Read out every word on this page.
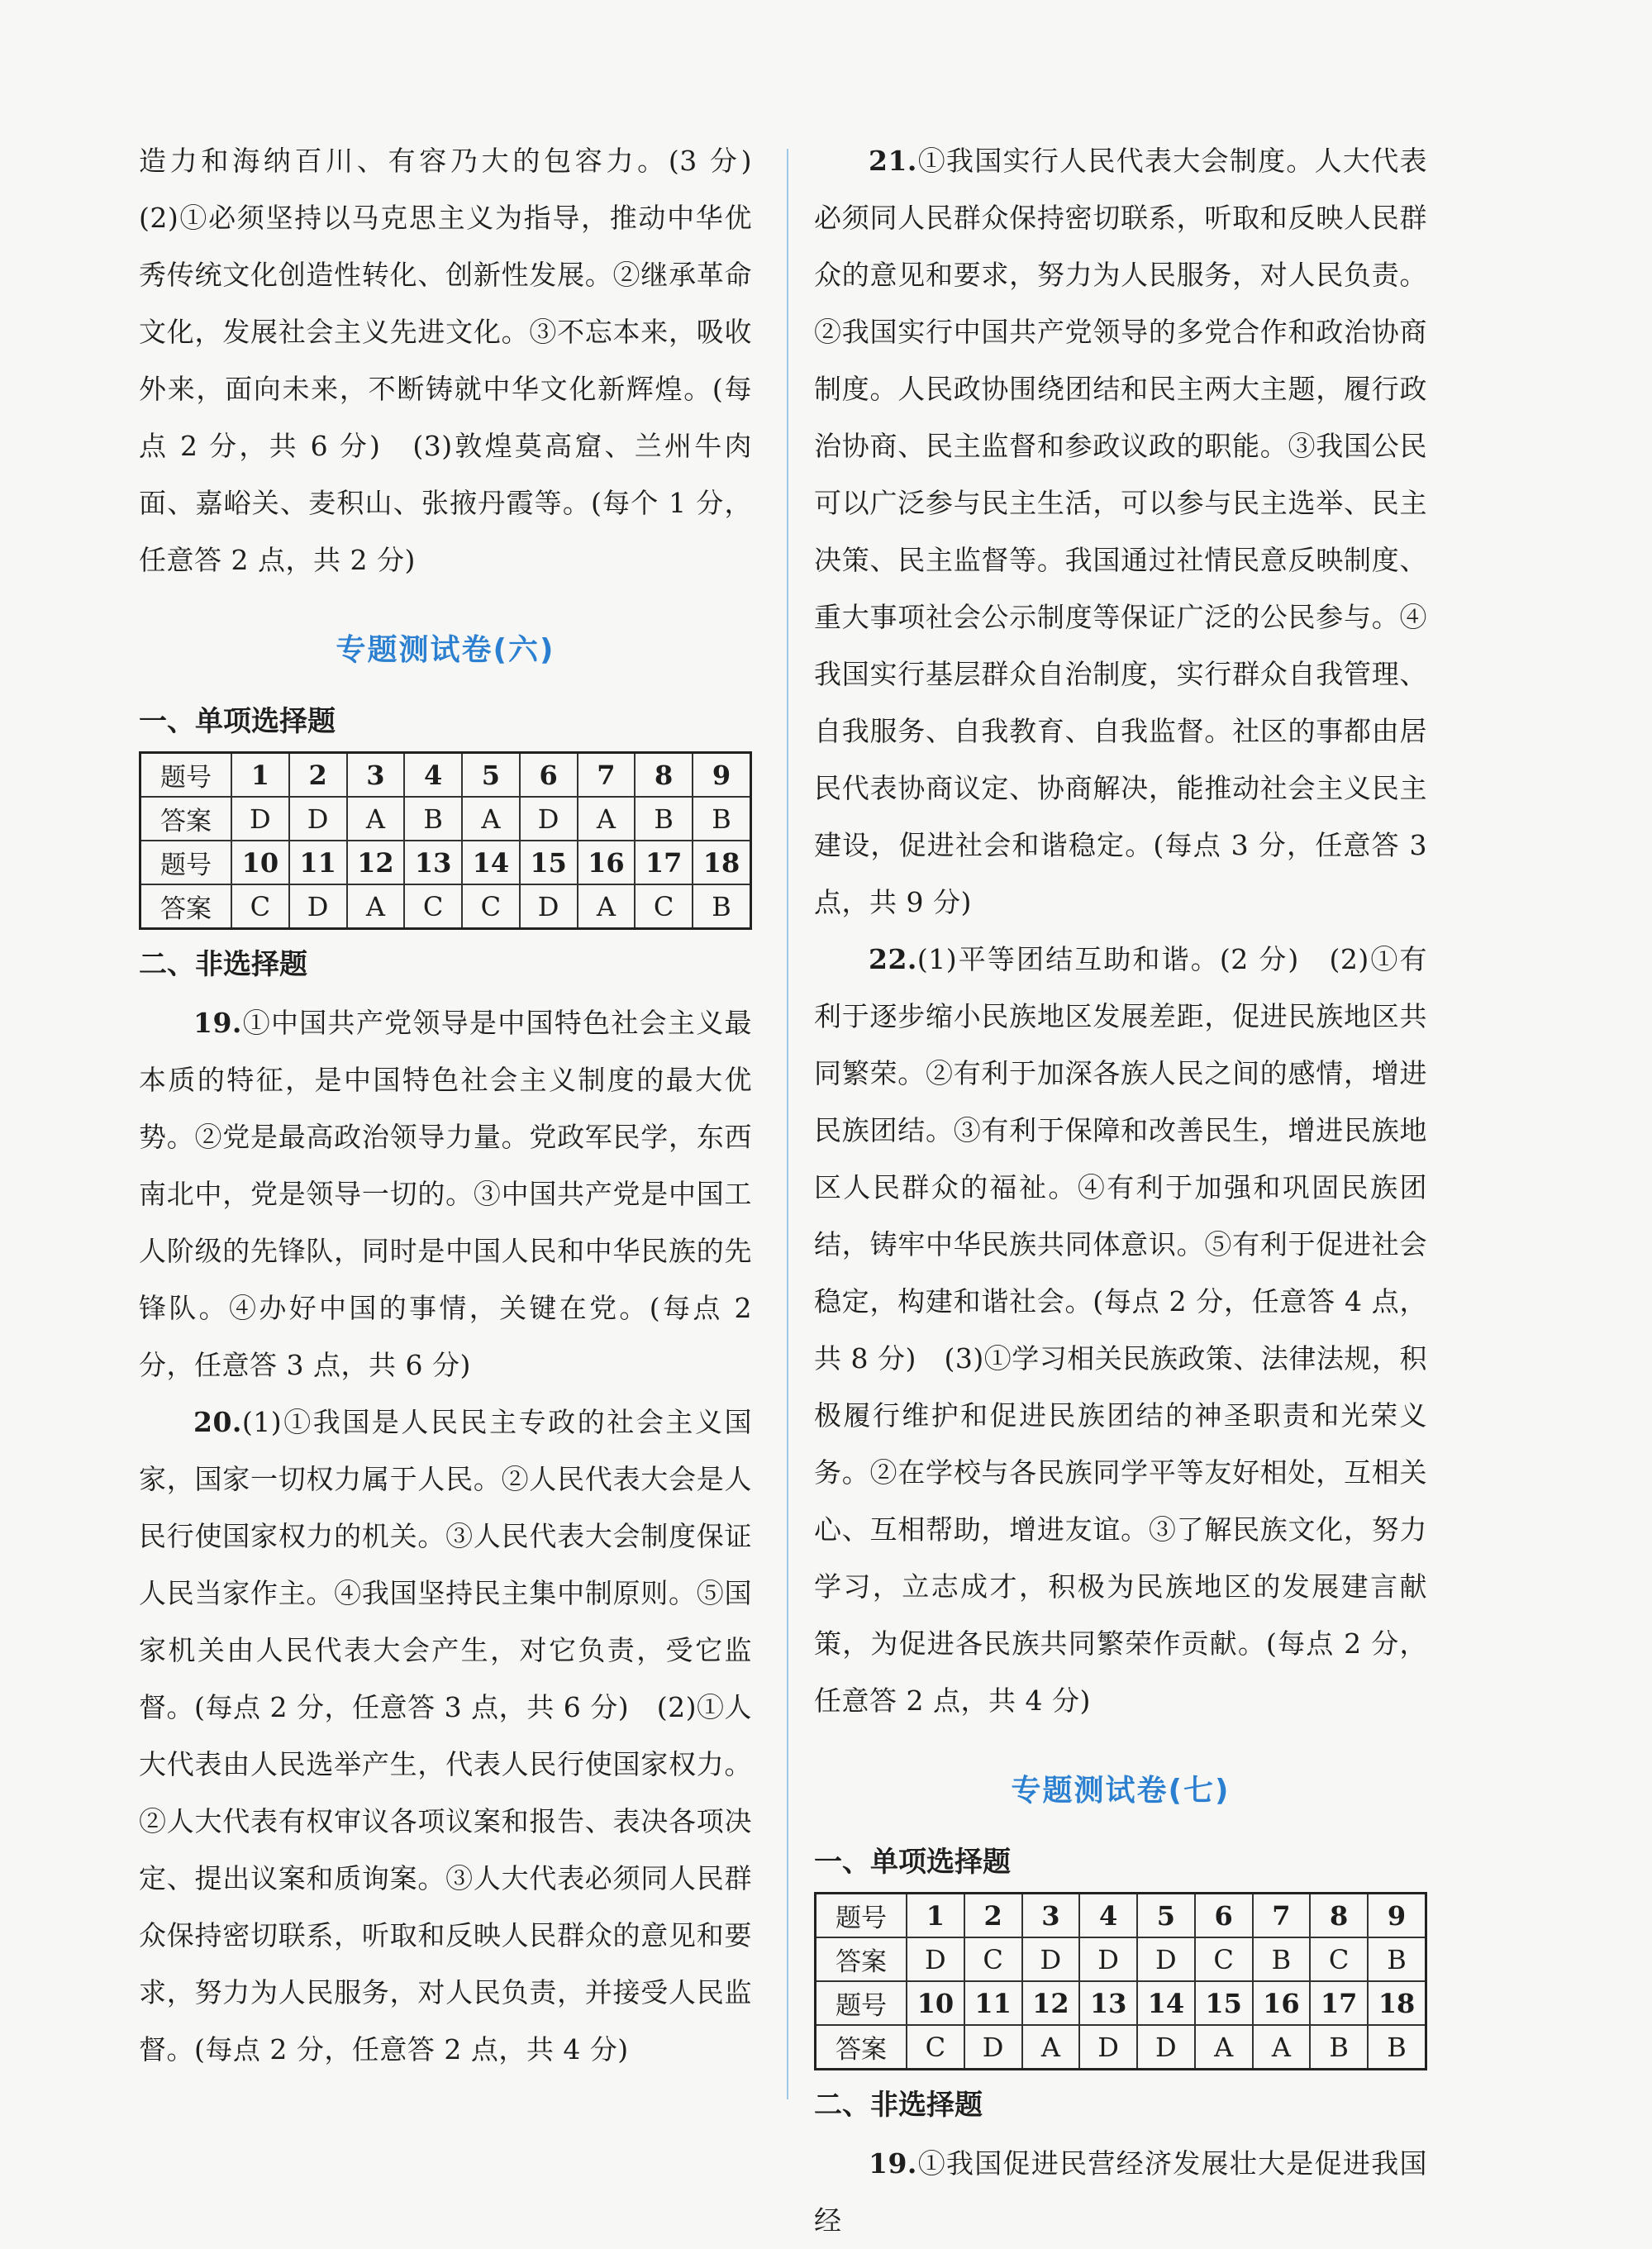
造力和海纳百川、有容乃大的包容力。(3 分)　(2)①必须坚持以马克思主义为指导，推动中华优秀传统文化创造性转化、创新性发展。②继承革命文化，发展社会主义先进文化。③不忘本来，吸收外来，面向未来，不断铸就中华文化新辉煌。(每点 2 分，共 6 分)　(3)敦煌莫高窟、兰州牛肉面、嘉峪关、麦积山、张掖丹霞等。(每个 1 分，任意答 2 点，共 2 分)

专题测试卷(六)
一、单项选择题
题号	1	2	3	4	5	6	7	8	9
答案	D	D	A	B	A	D	A	B	B
题号	10	11	12	13	14	15	16	17	18
答案	C	D	A	C	C	D	A	C	B
二、非选择题

19.①中国共产党领导是中国特色社会主义最本质的特征，是中国特色社会主义制度的最大优势。②党是最高政治领导力量。党政军民学，东西南北中，党是领导一切的。③中国共产党是中国工人阶级的先锋队，同时是中国人民和中华民族的先锋队。④办好中国的事情，关键在党。(每点 2 分，任意答 3 点，共 6 分)

20.(1)①我国是人民民主专政的社会主义国家，国家一切权力属于人民。②人民代表大会是人民行使国家权力的机关。③人民代表大会制度保证人民当家作主。④我国坚持民主集中制原则。⑤国家机关由人民代表大会产生，对它负责，受它监督。(每点 2 分，任意答 3 点，共 6 分)　(2)①人大代表由人民选举产生，代表人民行使国家权力。②人大代表有权审议各项议案和报告、表决各项决定、提出议案和质询案。③人大代表必须同人民群众保持密切联系，听取和反映人民群众的意见和要求，努力为人民服务，对人民负责，并接受人民监督。(每点 2 分，任意答 2 点，共 4 分)

21.①我国实行人民代表大会制度。人大代表必须同人民群众保持密切联系，听取和反映人民群众的意见和要求，努力为人民服务，对人民负责。②我国实行中国共产党领导的多党合作和政治协商制度。人民政协围绕团结和民主两大主题，履行政治协商、民主监督和参政议政的职能。③我国公民可以广泛参与民主生活，可以参与民主选举、民主决策、民主监督等。我国通过社情民意反映制度、重大事项社会公示制度等保证广泛的公民参与。④我国实行基层群众自治制度，实行群众自我管理、自我服务、自我教育、自我监督。社区的事都由居民代表协商议定、协商解决，能推动社会主义民主建设，促进社会和谐稳定。(每点 3 分，任意答 3 点，共 9 分)

22.(1)平等团结互助和谐。(2 分)　(2)①有利于逐步缩小民族地区发展差距，促进民族地区共同繁荣。②有利于加深各族人民之间的感情，增进民族团结。③有利于保障和改善民生，增进民族地区人民群众的福祉。④有利于加强和巩固民族团结，铸牢中华民族共同体意识。⑤有利于促进社会稳定，构建和谐社会。(每点 2 分，任意答 4 点，共 8 分)　(3)①学习相关民族政策、法律法规，积极履行维护和促进民族团结的神圣职责和光荣义务。②在学校与各民族同学平等友好相处，互相关心、互相帮助，增进友谊。③了解民族文化，努力学习，立志成才，积极为民族地区的发展建言献策，为促进各民族共同繁荣作贡献。(每点 2 分，任意答 2 点，共 4 分)

专题测试卷(七)
一、单项选择题
题号	1	2	3	4	5	6	7	8	9
答案	D	C	D	D	D	C	B	C	B
题号	10	11	12	13	14	15	16	17	18
答案	C	D	A	D	D	A	A	B	B
二、非选择题

19.①我国促进民营经济发展壮大是促进我国经
